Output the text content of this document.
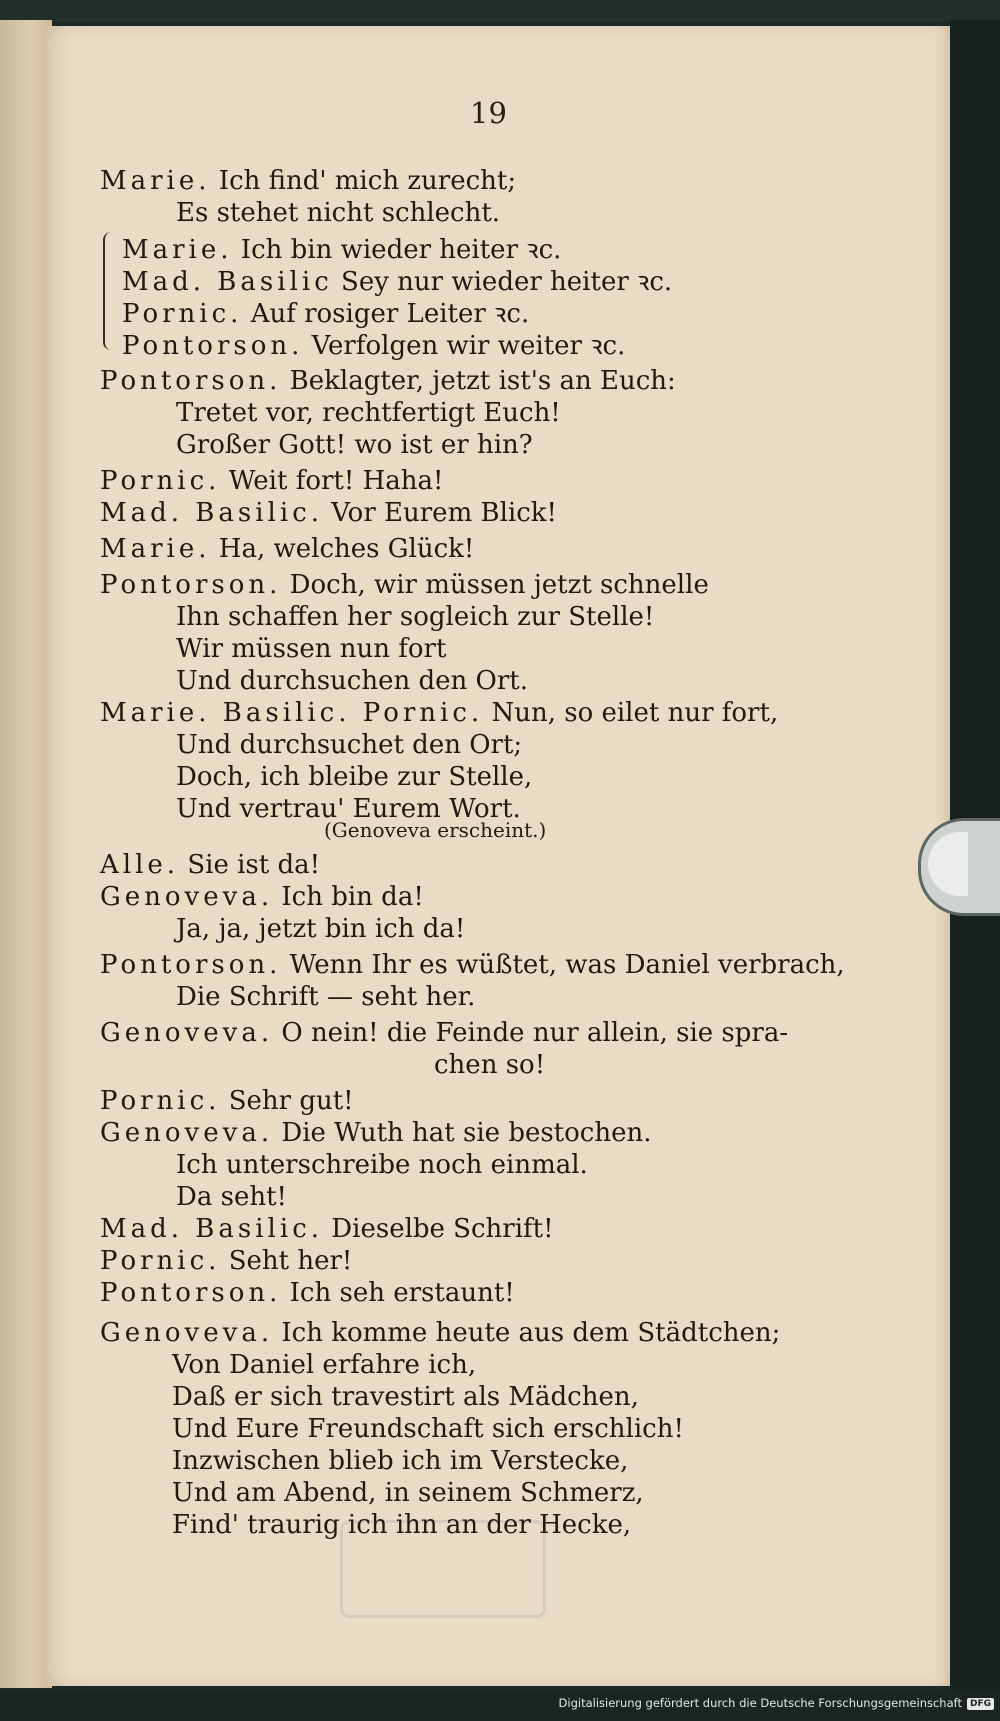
19
Marie. Ich find' mich zurecht;
Es stehet nicht schlecht.
Marie. Ich bin wieder heiter ꝛc.
Mad. Basilic Sey nur wieder heiter ꝛc.
Pornic. Auf rosiger Leiter ꝛc.
Pontorson. Verfolgen wir weiter ꝛc.
Pontorson. Beklagter, jetzt ist's an Euch:
Tretet vor, rechtfertigt Euch!
Großer Gott! wo ist er hin?
Pornic. Weit fort! Haha!
Mad. Basilic. Vor Eurem Blick!
Marie. Ha, welches Glück!
Pontorson. Doch, wir müssen jetzt schnelle
Ihn schaffen her sogleich zur Stelle!
Wir müssen nun fort
Und durchsuchen den Ort.
Marie. Basilic. Pornic. Nun, so eilet nur fort,
Und durchsuchet den Ort;
Doch, ich bleibe zur Stelle,
Und vertrau' Eurem Wort.
(Genoveva erscheint.)
Alle. Sie ist da!
Genoveva. Ich bin da!
Ja, ja, jetzt bin ich da!
Pontorson. Wenn Ihr es wüßtet, was Daniel verbrach,
Die Schrift — seht her.
Genoveva. O nein! die Feinde nur allein, sie spra-
chen so!
Pornic. Sehr gut!
Genoveva. Die Wuth hat sie bestochen.
Ich unterschreibe noch einmal.
Da seht!
Mad. Basilic. Dieselbe Schrift!
Pornic. Seht her!
Pontorson. Ich seh erstaunt!
Genoveva. Ich komme heute aus dem Städtchen;
Von Daniel erfahre ich,
Daß er sich travestirt als Mädchen,
Und Eure Freundschaft sich erschlich!
Inzwischen blieb ich im Verstecke,
Und am Abend, in seinem Schmerz,
Find' traurig ich ihn an der Hecke,
Digitalisierung gefördert durch die Deutsche Forschungsgemeinschaft DFG
